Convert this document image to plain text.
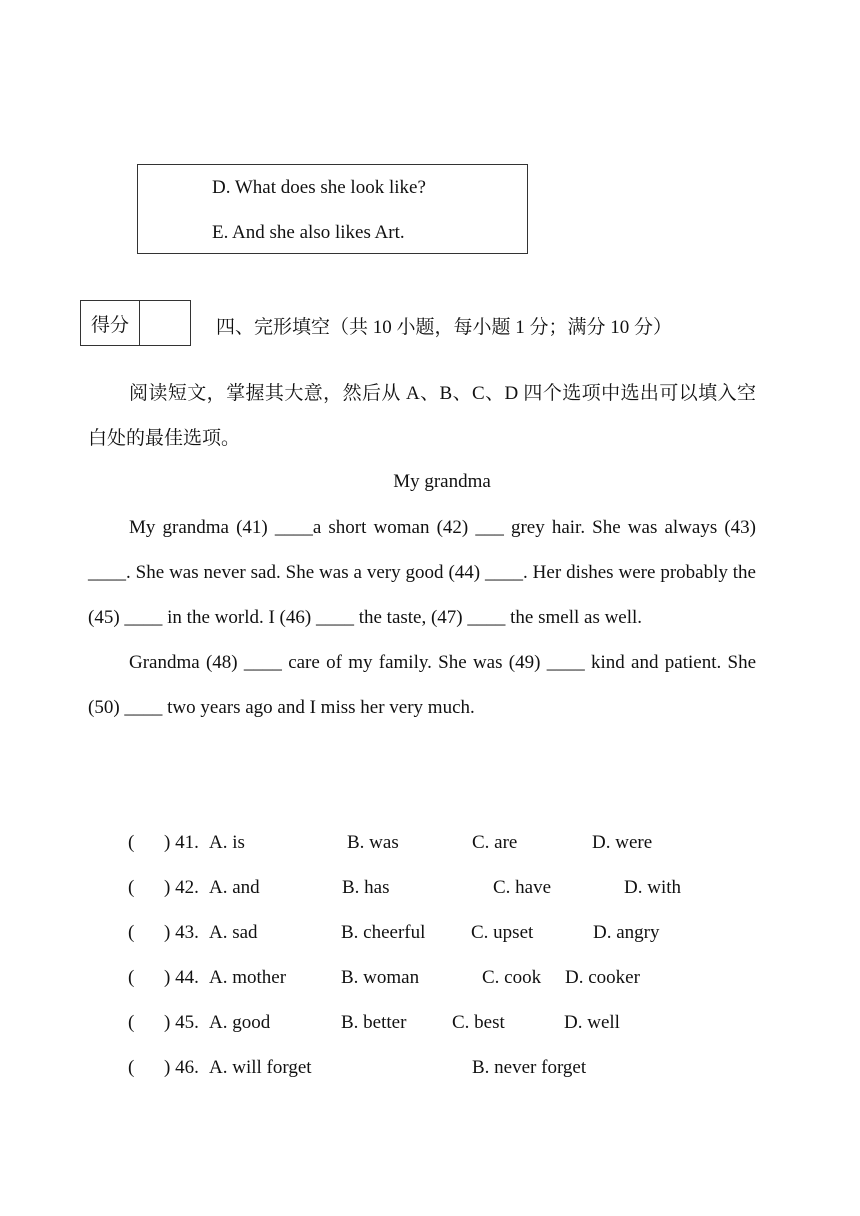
D. What does she look like?
E. And she also likes Art.
得分	四、完形填空（共 10 小题，每小题 1 分；满分 10 分）

阅读短文，掌握其大意，然后从 A、B、C、D 四个选项中选出可以填入空白处的最佳选项。

My grandma

My grandma (41) ____a short woman (42) ___ grey hair. She was always (43) ____. She was never sad. She was a very good (44) ____. Her dishes were probably the (45) ____ in the world. I (46) ____ the taste, (47) ____ the smell as well.

Grandma (48) ____ care of my family. She was (49) ____ kind and patient. She (50) ____ two years ago and I miss her very much.

( ) 41. A. is	B. was	C. are	D. were
( ) 42. A. and	B. has	C. have	D. with
( ) 43. A. sad	B. cheerful C. upset	D. angry
( ) 44. A. mother	B. woman	C. cook D. cooker
( ) 45. A. good	B. better C. best	D. well
( ) 46. A. will forget	B. never forget
